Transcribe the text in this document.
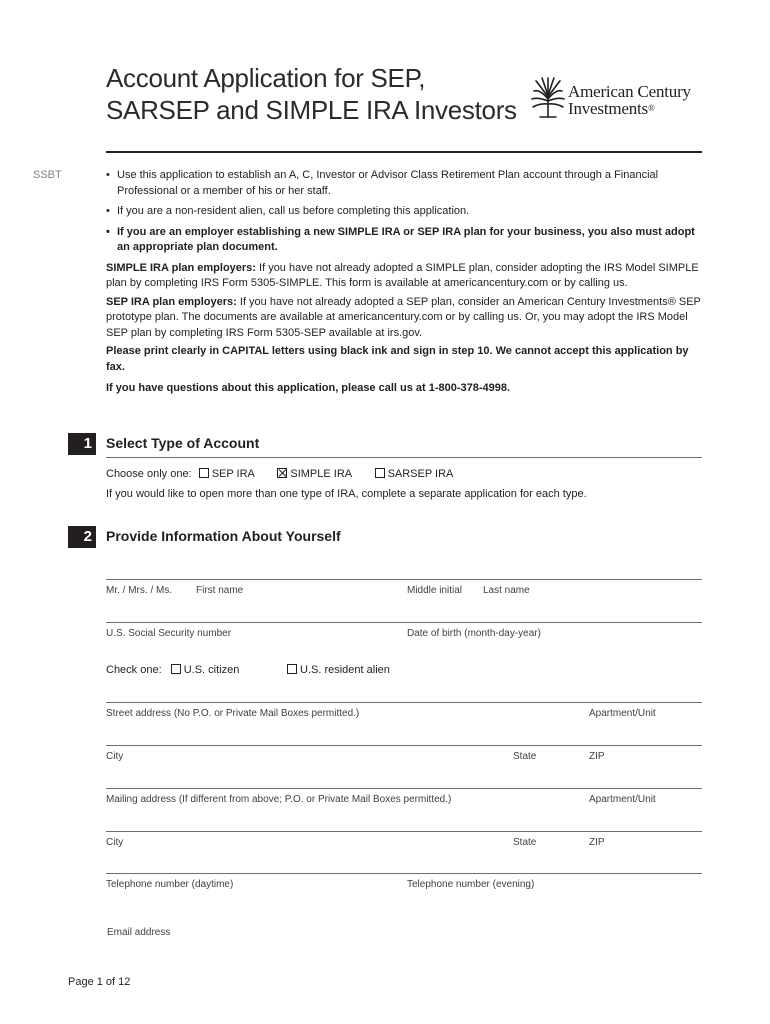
Account Application for SEP,
SARSEP and SIMPLE IRA Investors
American Century
Investments®
SSBT
•	Use this application to establish an A, C, Investor or Advisor Class Retirement Plan account through a Financial Professional or a member of his or her staff.
• If you are a non-resident alien, call us before completing this application.
• If you are an employer establishing a new SIMPLE IRA or SEP IRA plan for your business, you also must adopt an appropriate plan document.

SIMPLE IRA plan employers: If you have not already adopted a SIMPLE plan, consider adopting the IRS Model SIMPLE plan by completing IRS Form 5305-SIMPLE. This form is available at americancentury.com or by calling us.

SEP IRA plan employers: If you have not already adopted a SEP plan, consider an American Century Investments® SEP prototype plan. The documents are available at americancentury.com or by calling us. Or, you may adopt the IRS Model SEP plan by completing IRS Form 5305-SEP available at irs.gov.

Please print clearly in CAPITAL letters using black ink and sign in step 10. We cannot accept this application by fax.

If you have questions about this application, please call us at 1-800-378-4998.

1 Select Type of Account
Choose only one: SEP IRA	SIMPLE IRA	SARSEP IRA
If you would like to open more than one type of IRA, complete a separate application for each type.
2 Provide Information About Yourself
Mr. / Mrs. / Ms. First name	Middle initial Last name
U.S. Social Security number	Date of birth (month-day-year)
Check one: U.S. citizen	U.S. resident alien
Street address (No P.O. or Private Mail Boxes permitted.)	Apartment/Unit
City	State	ZIP
Mailing address (If different from above; P.O. or Private Mail Boxes permitted.)	Apartment/Unit
City	State	ZIP
Telephone number (daytime)	Telephone number (evening)
Email address
Page 1 of 12
